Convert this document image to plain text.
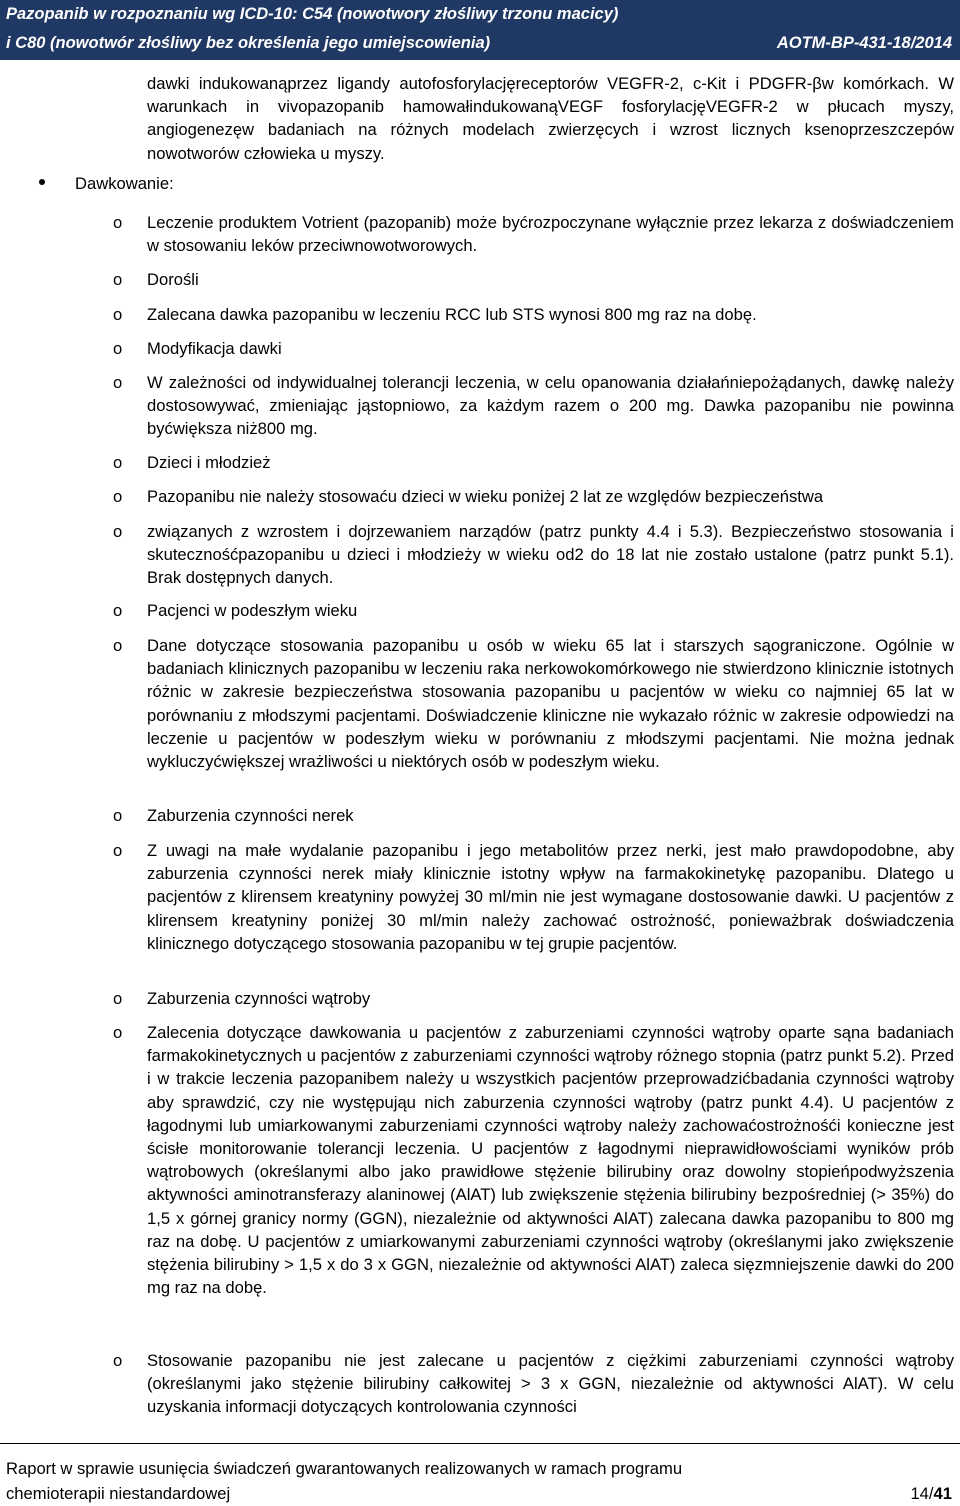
Pazopanib w rozpoznaniu wg ICD-10: C54 (nowotwory złośliwy trzonu macicy)
i C80 (nowotwór złośliwy bez określenia jego umiejscowienia)	AOTM-BP-431-18/2014

dawki indukowanąprzez ligandy autofosforylacjęreceptorów VEGFR-2, c-Kit i PDGFR-βw komórkach. W warunkach in vivopazopanib hamowałindukowanąVEGF fosforylacjęVEGFR-2 w płucach myszy, angiogenezęw badaniach na różnych modelach zwierzęcych i wzrost licznych ksenoprzeszczepów nowotworów człowieka u myszy.

Dawkowanie:
o Leczenie produktem Votrient (pazopanib) może byćrozpoczynane wyłącznie przez lekarza z doświadczeniem w stosowaniu leków przeciwnowotworowych.

o Dorośli

o Zalecana dawka pazopanibu w leczeniu RCC lub STS wynosi 800 mg raz na dobę.

o Modyfikacja dawki

o W zależności od indywidualnej tolerancji leczenia, w celu opanowania działańniepożądanych, dawkę należy dostosowywać, zmieniając jąstopniowo, za każdym razem o 200 mg. Dawka pazopanibu nie powinna byćwiększa niż800 mg.

o Dzieci i młodzież

o Pazopanibu nie należy stosowaću dzieci w wieku poniżej 2 lat ze względów bezpieczeństwa

o związanych z wzrostem i dojrzewaniem narządów (patrz punkty 4.4 i 5.3). Bezpieczeństwo stosowania i skutecznośćpazopanibu u dzieci i młodzieży w wieku od2 do 18 lat nie zostało ustalone (patrz punkt 5.1). Brak dostępnych danych.

o Pacjenci w podeszłym wieku

o Dane dotyczące stosowania pazopanibu u osób w wieku 65 lat i starszych sąograniczone. Ogólnie w badaniach klinicznych pazopanibu w leczeniu raka nerkowokomórkowego nie stwierdzono klinicznie istotnych różnic w zakresie bezpieczeństwa stosowania pazopanibu u pacjentów w wieku co najmniej 65 lat w porównaniu z młodszymi pacjentami. Doświadczenie kliniczne nie wykazało różnic w zakresie odpowiedzi na leczenie u pacjentów w podeszłym wieku w porównaniu z młodszymi pacjentami. Nie można jednak wykluczyćwiększej wrażliwości u niektórych osób w podeszłym wieku.

o Zaburzenia czynności nerek

o Z uwagi na małe wydalanie pazopanibu i jego metabolitów przez nerki, jest mało prawdopodobne, aby zaburzenia czynności nerek miały klinicznie istotny wpływ na farmakokinetykę pazopanibu. Dlatego u pacjentów z klirensem kreatyniny powyżej 30 ml/min nie jest wymagane dostosowanie dawki. U pacjentów z klirensem kreatyniny poniżej 30 ml/min należy zachować ostrożność, ponieważbrak doświadczenia klinicznego dotyczącego stosowania pazopanibu w tej grupie pacjentów.

o Zaburzenia czynności wątroby

o Zalecenia dotyczące dawkowania u pacjentów z zaburzeniami czynności wątroby oparte sąna badaniach farmakokinetycznych u pacjentów z zaburzeniami czynności wątroby różnego stopnia (patrz punkt 5.2). Przed i w trakcie leczenia pazopanibem należy u wszystkich pacjentów przeprowadzićbadania czynności wątroby aby sprawdzić, czy nie występująu nich zaburzenia czynności wątroby (patrz punkt 4.4). U pacjentów z łagodnymi lub umiarkowanymi zaburzeniami czynności wątroby należy zachowaćostrożnośći konieczne jest ścisłe monitorowanie tolerancji leczenia. U pacjentów z łagodnymi nieprawidłowościami wyników prób wątrobowych (określanymi albo jako prawidłowe stężenie bilirubiny oraz dowolny stopieńpodwyższenia aktywności aminotransferazy alaninowej (AlAT) lub zwiększenie stężenia bilirubiny bezpośredniej (> 35%) do 1,5 x górnej granicy normy (GGN), niezależnie od aktywności AlAT) zalecana dawka pazopanibu to 800 mg raz na dobę. U pacjentów z umiarkowanymi zaburzeniami czynności wątroby (określanymi jako zwiększenie stężenia bilirubiny > 1,5 x do 3 x GGN, niezależnie od aktywności AlAT) zaleca sięzmniejszenie dawki do 200 mg raz na dobę.

o Stosowanie pazopanibu nie jest zalecane u pacjentów z ciężkimi zaburzeniami czynności wątroby (określanymi jako stężenie bilirubiny całkowitej > 3 x GGN, niezależnie od aktywności AlAT). W celu uzyskania informacji dotyczących kontrolowania czynności

Raport w sprawie usunięcia świadczeń gwarantowanych realizowanych w ramach programu
chemioterapii niestandardowej	14/41
